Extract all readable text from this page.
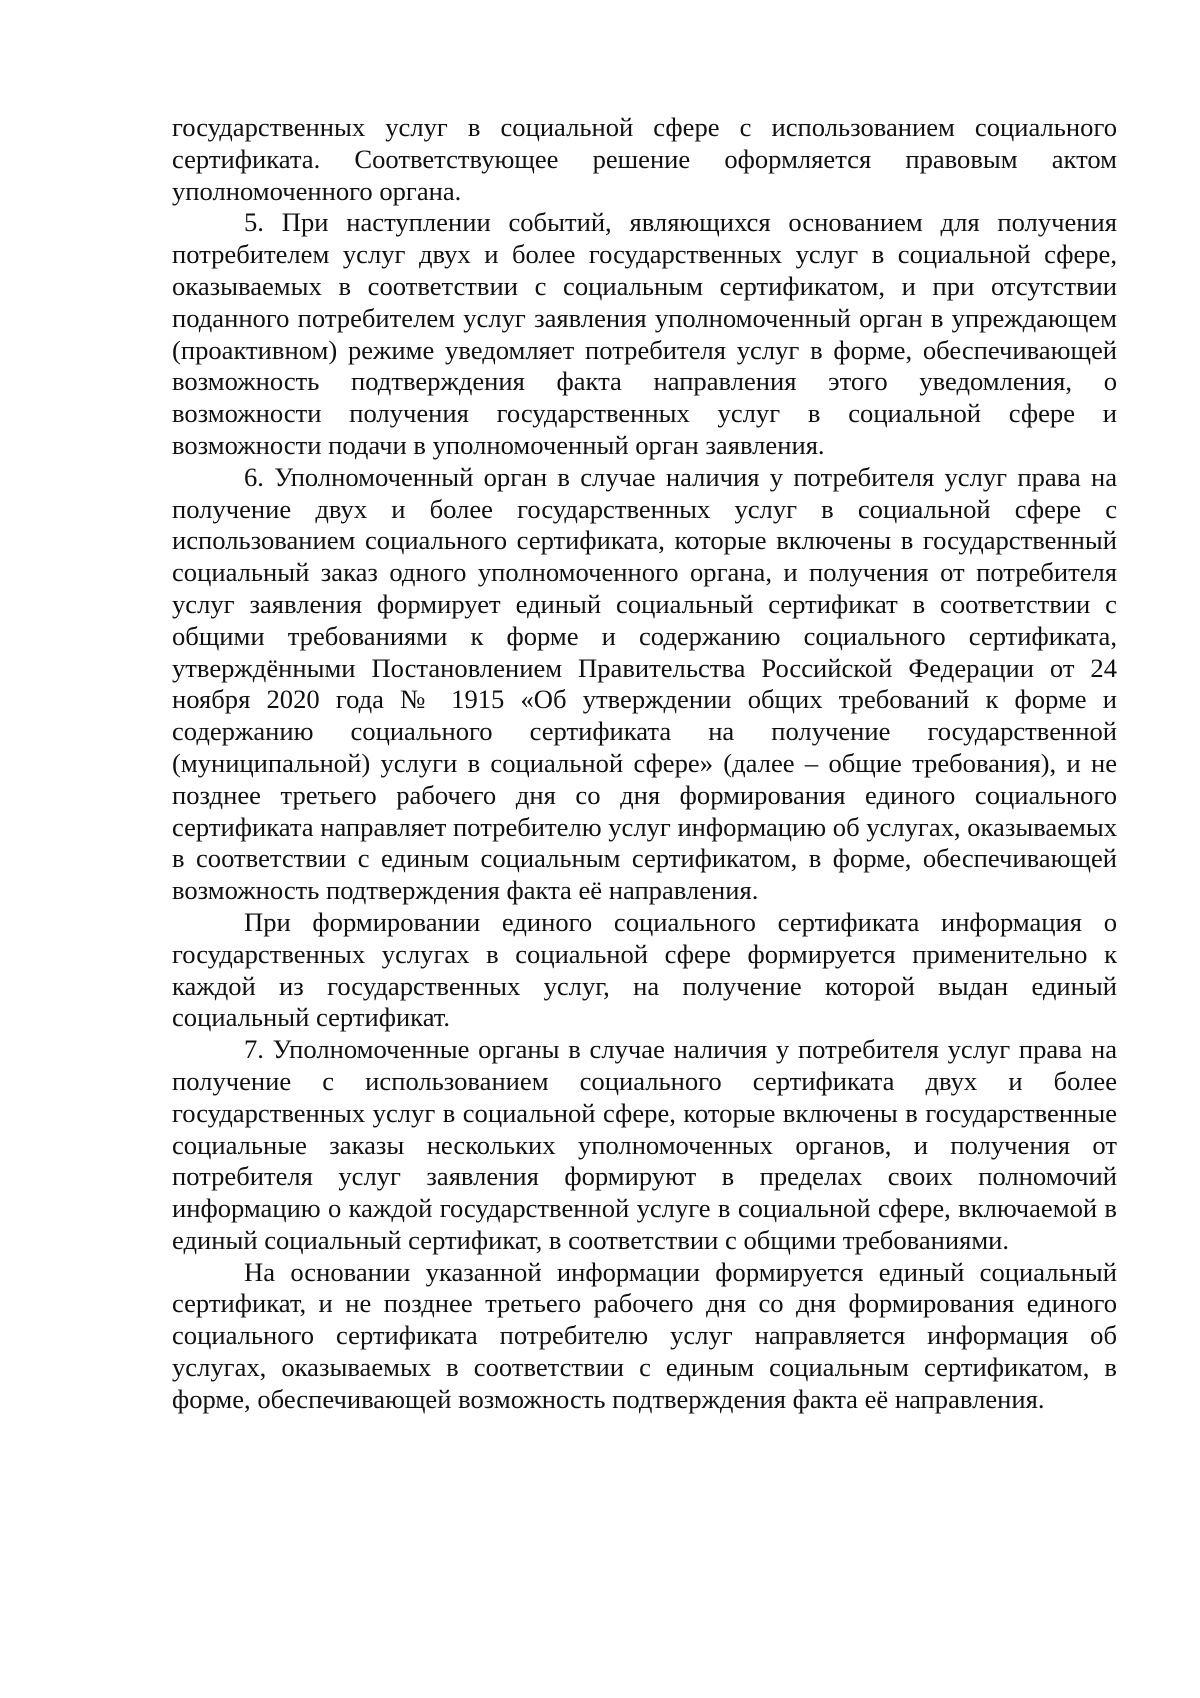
государственных услуг в социальной сфере с использованием социального сертификата. Соответствующее решение оформляется правовым актом уполномоченного органа.

5. При наступлении событий, являющихся основанием для получения потребителем услуг двух и более государственных услуг в социальной сфере, оказываемых в соответствии с социальным сертификатом, и при отсутствии поданного потребителем услуг заявления уполномоченный орган в упреждающем (проактивном) режиме уведомляет потребителя услуг в форме, обеспечивающей возможность подтверждения факта направления этого уведомления, о возможности получения государственных услуг в социальной сфере и возможности подачи в уполномоченный орган заявления.

6. Уполномоченный орган в случае наличия у потребителя услуг права на получение двух и более государственных услуг в социальной сфере с использованием социального сертификата, которые включены в государственный социальный заказ одного уполномоченного органа, и получения от потребителя услуг заявления формирует единый социальный сертификат в соответствии с общими требованиями к форме и содержанию социального сертификата, утверждёнными Постановлением Правительства Российской Федерации от 24 ноября 2020 года № 1915 «Об утверждении общих требований к форме и содержанию социального сертификата на получение государственной (муниципальной) услуги в социальной сфере» (далее – общие требования), и не позднее третьего рабочего дня со дня формирования единого социального сертификата направляет потребителю услуг информацию об услугах, оказываемых в соответствии с единым социальным сертификатом, в форме, обеспечивающей возможность подтверждения факта её направления.

При формировании единого социального сертификата информация о государственных услугах в социальной сфере формируется применительно к каждой из государственных услуг, на получение которой выдан единый социальный сертификат.

7. Уполномоченные органы в случае наличия у потребителя услуг права на получение с использованием социального сертификата двух и более государственных услуг в социальной сфере, которые включены в государственные социальные заказы нескольких уполномоченных органов, и получения от потребителя услуг заявления формируют в пределах своих полномочий информацию о каждой государственной услуге в социальной сфере, включаемой в единый социальный сертификат, в соответствии с общими требованиями.

На основании указанной информации формируется единый социальный сертификат, и не позднее третьего рабочего дня со дня формирования единого социального сертификата потребителю услуг направляется информация об услугах, оказываемых в соответствии с единым социальным сертификатом, в форме, обеспечивающей возможность подтверждения факта её направления.
